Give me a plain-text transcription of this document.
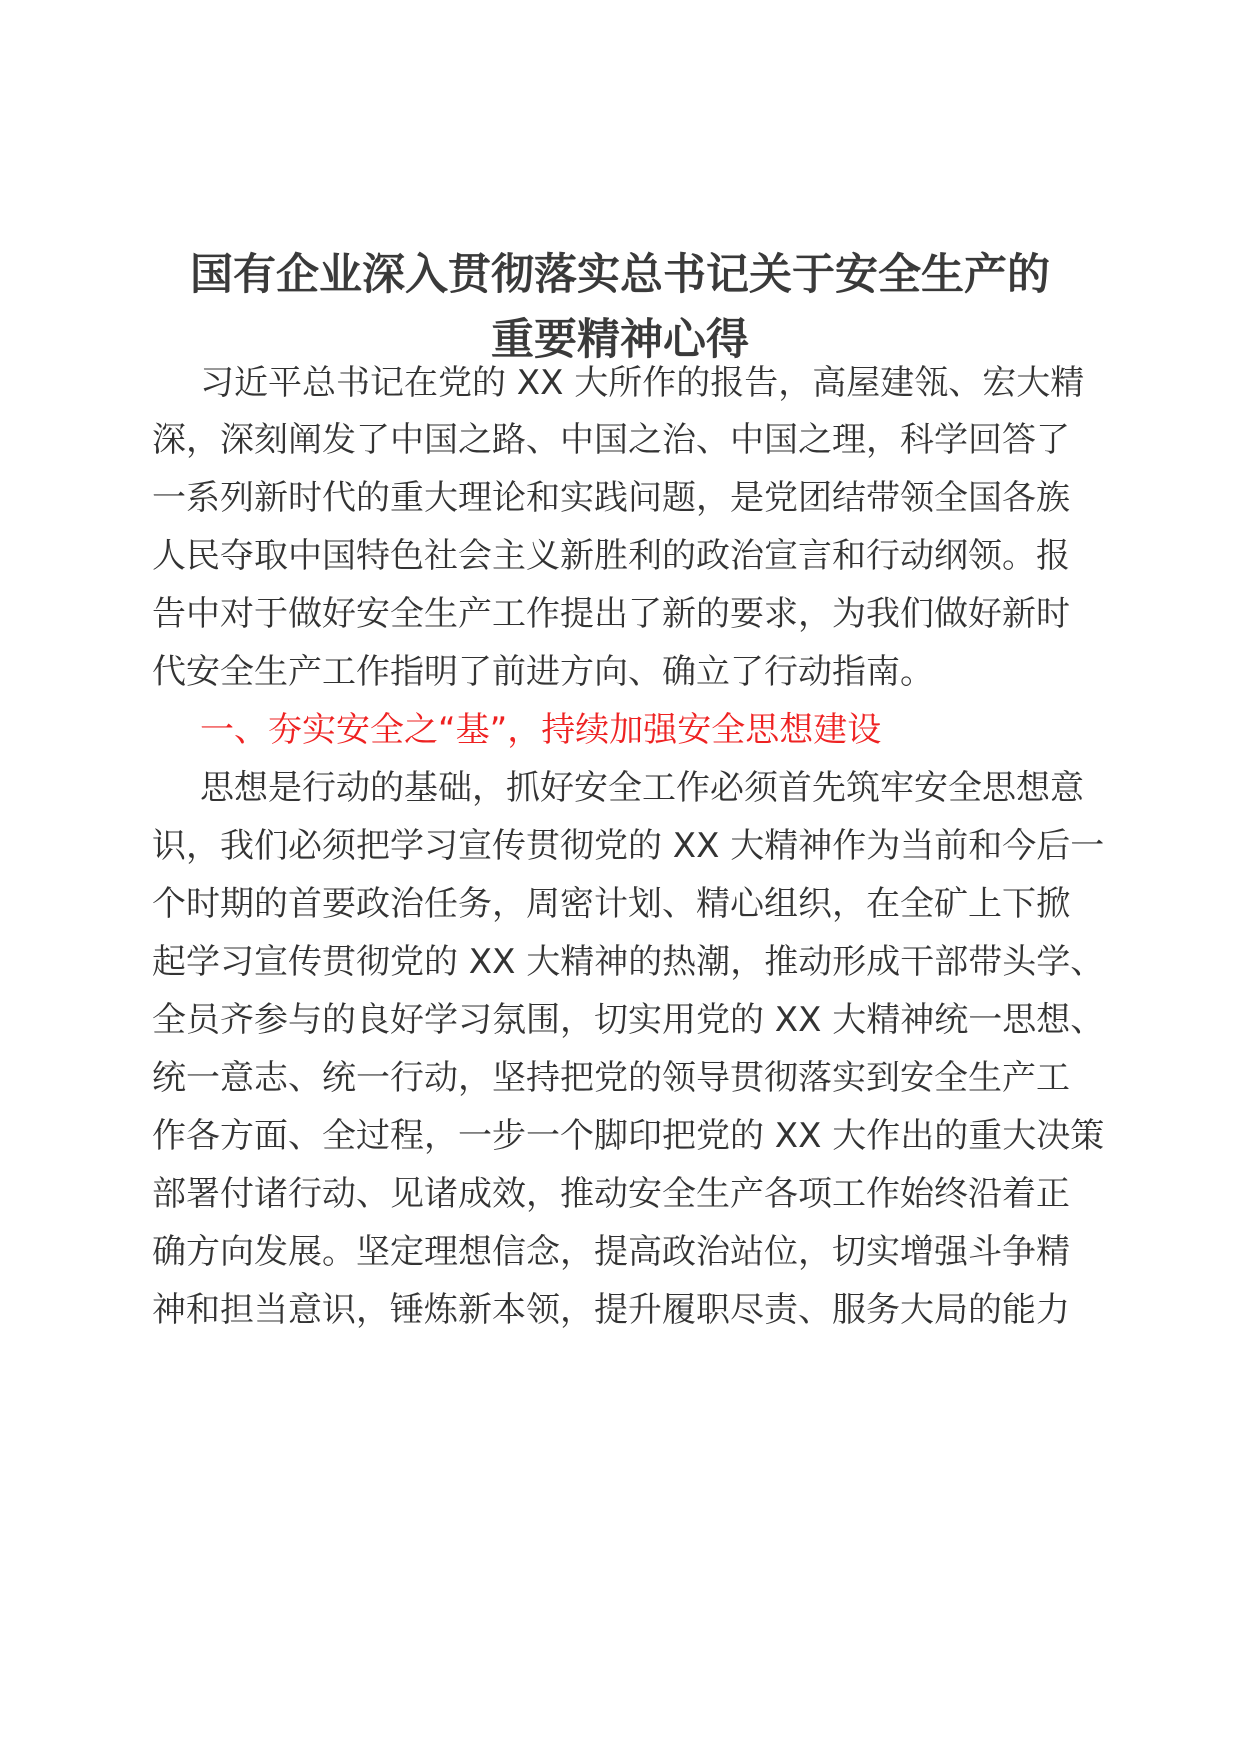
国有企业深入贯彻落实总书记关于安全生产的
重要精神心得
习近平总书记在党的 XX 大所作的报告，高屋建瓴、宏大精
深，深刻阐发了中国之路、中国之治、中国之理，科学回答了
一系列新时代的重大理论和实践问题，是党团结带领全国各族
人民夺取中国特色社会主义新胜利的政治宣言和行动纲领。报
告中对于做好安全生产工作提出了新的要求，为我们做好新时
代安全生产工作指明了前进方向、确立了行动指南。
一、夯实安全之“基”，持续加强安全思想建设
思想是行动的基础，抓好安全工作必须首先筑牢安全思想意
识，我们必须把学习宣传贯彻党的 XX 大精神作为当前和今后一
个时期的首要政治任务，周密计划、精心组织，在全矿上下掀
起学习宣传贯彻党的 XX 大精神的热潮，推动形成干部带头学、
全员齐参与的良好学习氛围，切实用党的 XX 大精神统一思想、
统一意志、统一行动，坚持把党的领导贯彻落实到安全生产工
作各方面、全过程，一步一个脚印把党的 XX 大作出的重大决策
部署付诸行动、见诸成效，推动安全生产各项工作始终沿着正
确方向发展。坚定理想信念，提高政治站位，切实增强斗争精
神和担当意识，锤炼新本领，提升履职尽责、服务大局的能力
